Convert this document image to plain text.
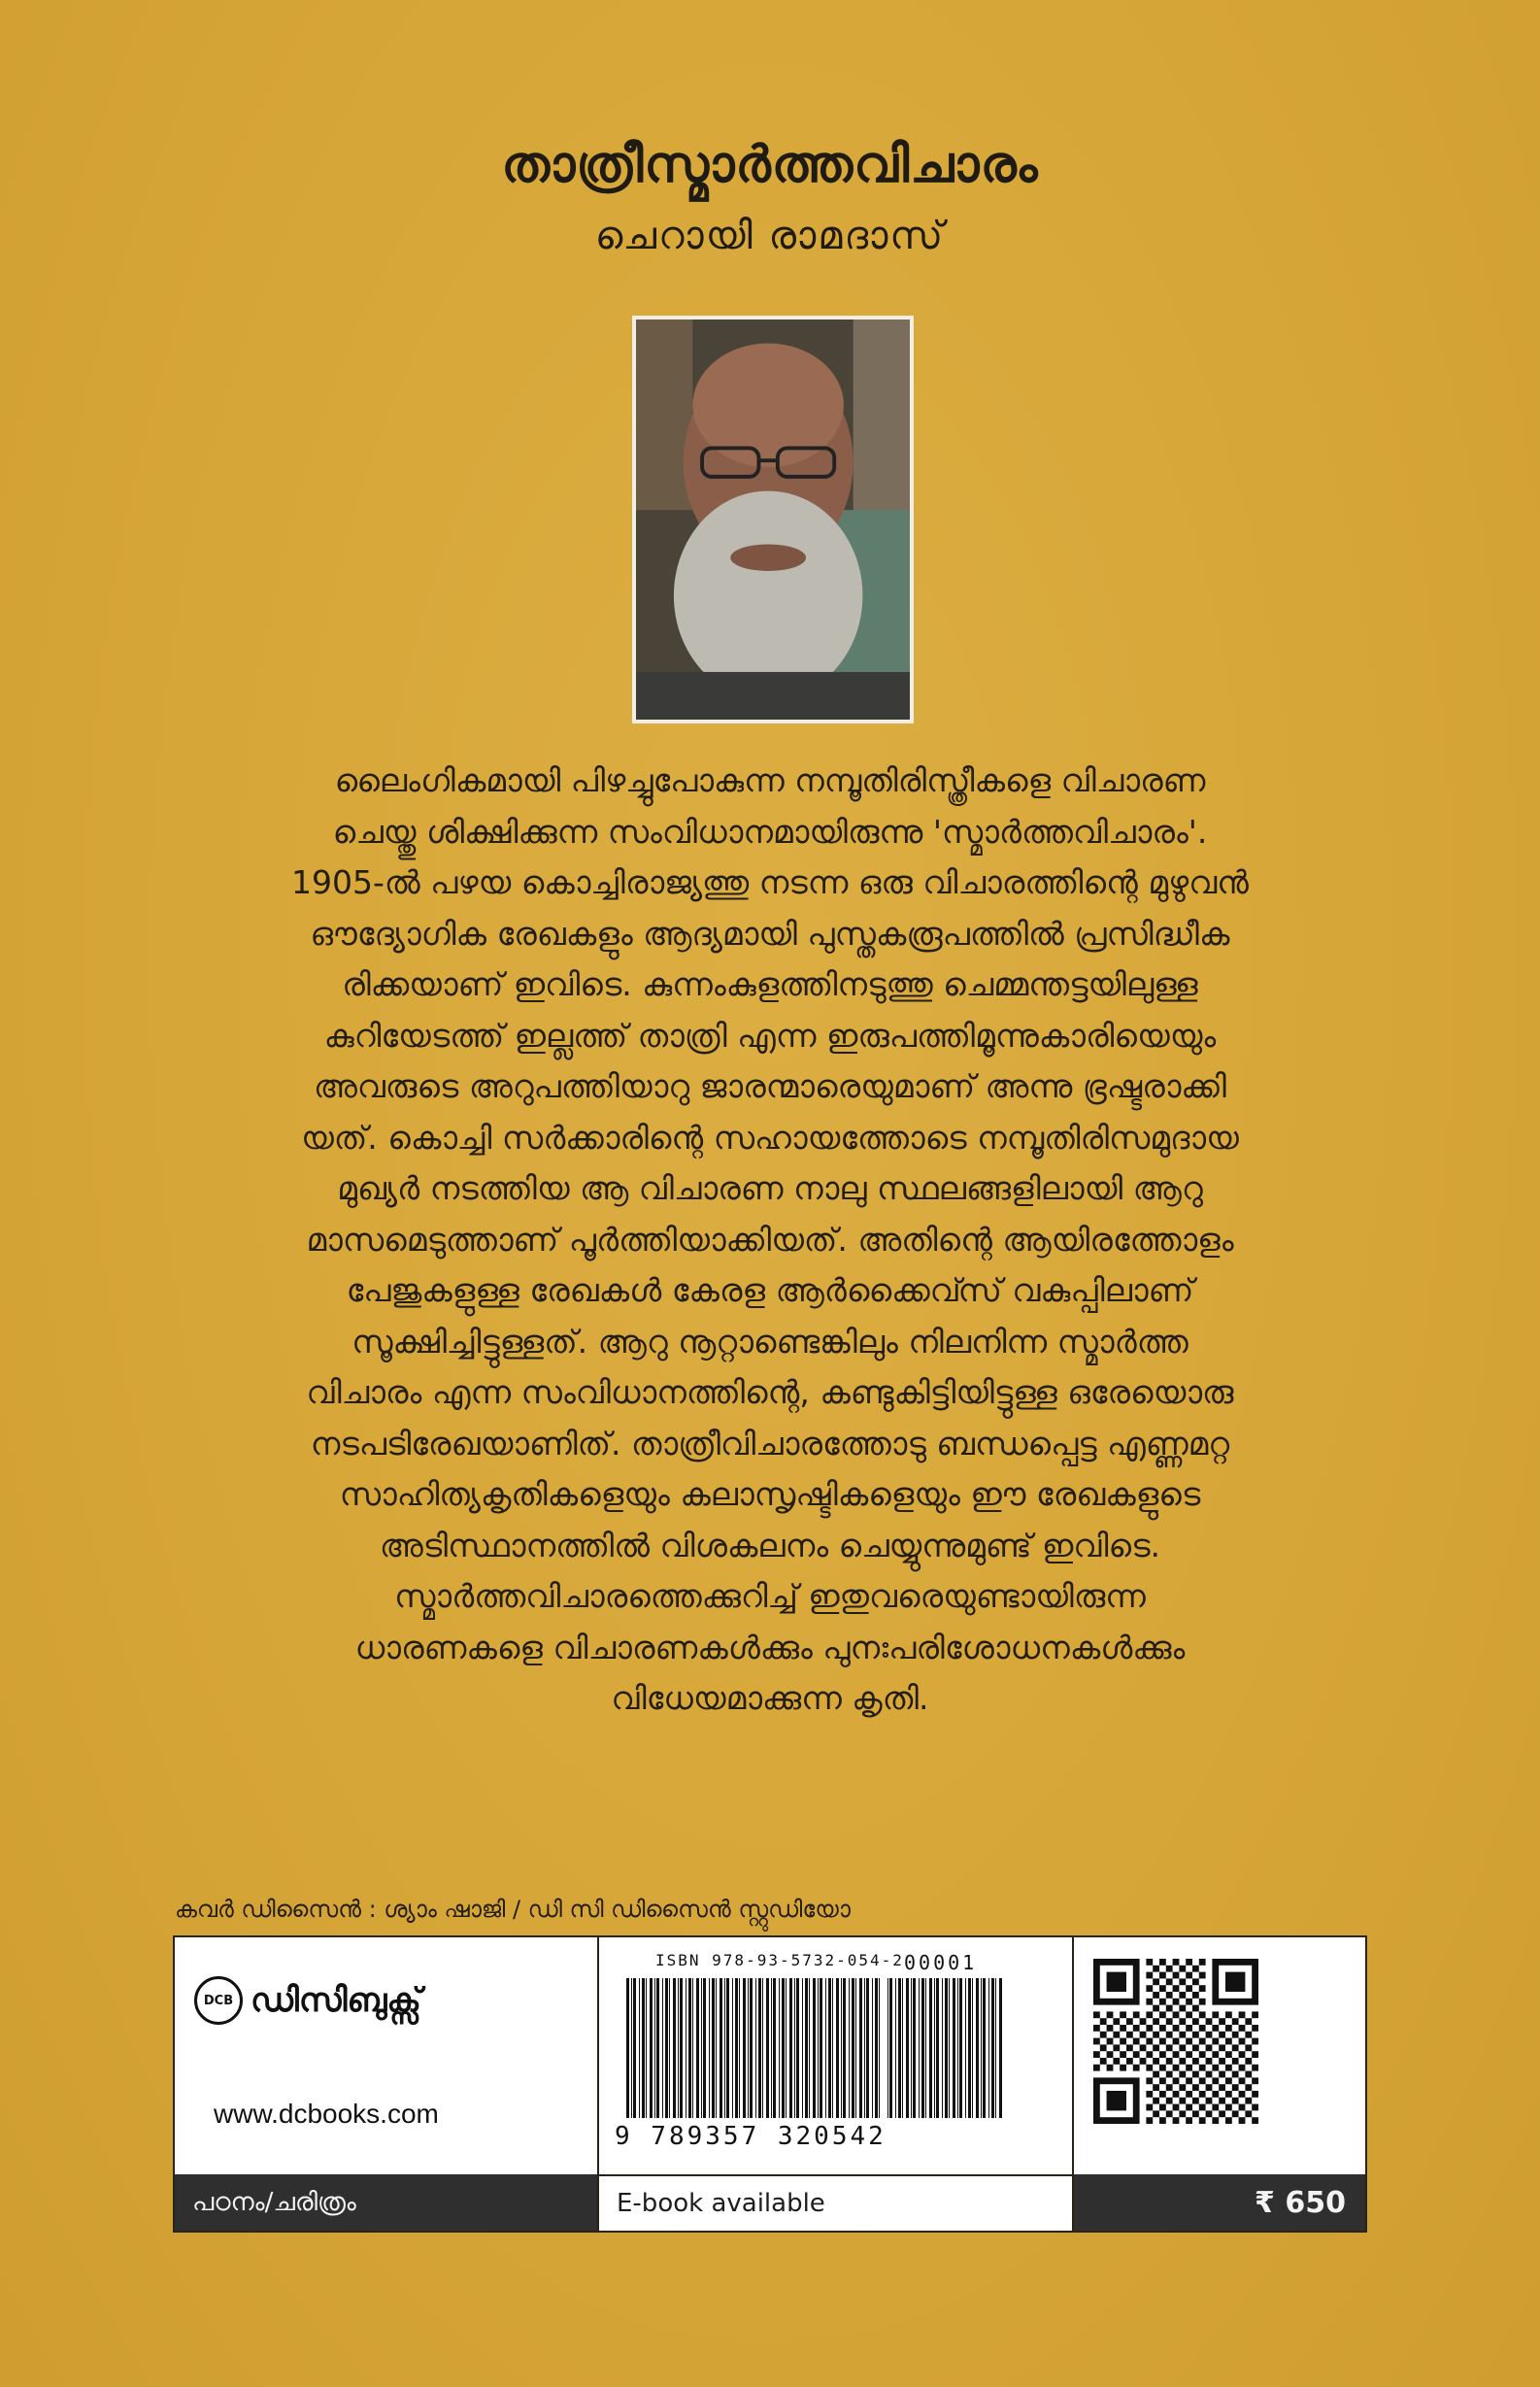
താത്രീസ്മാർത്തവിചാരം
ചെറായി രാമദാസ്

ലൈംഗികമായി പിഴച്ചുപോകുന്ന നമ്പൂതിരിസ്ത്രീകളെ വിചാരണ

ചെയ്തു ശിക്ഷിക്കുന്ന സംവിധാനമായിരുന്നു 'സ്മാർത്തവിചാരം'.

1905-ൽ പഴയ കൊച്ചിരാജ്യത്തു നടന്ന ഒരു വിചാരത്തിന്റെ മുഴുവൻ

ഔദ്യോഗിക രേഖകളും ആദ്യമായി പുസ്തകരൂപത്തിൽ പ്രസിദ്ധീക

രിക്കയാണ് ഇവിടെ. കുന്നംകുളത്തിനടുത്തു ചെമ്മന്തട്ടയിലുള്ള

കുറിയേടത്ത് ഇല്ലത്ത് താത്രി എന്ന ഇരുപത്തിമൂന്നുകാരിയെയും

അവരുടെ അറുപത്തിയാറു ജാരന്മാരെയുമാണ് അന്നു ഭ്രഷ്ടരാക്കി

യത്. കൊച്ചി സർക്കാരിന്റെ സഹായത്തോടെ നമ്പൂതിരിസമുദായ

മുഖ്യർ നടത്തിയ ആ വിചാരണ നാലു സ്ഥലങ്ങളിലായി ആറു

മാസമെടുത്താണ് പൂർത്തിയാക്കിയത്. അതിന്റെ ആയിരത്തോളം

പേജുകളുള്ള രേഖകൾ കേരള ആർക്കൈവ്സ് വകുപ്പിലാണ്

സൂക്ഷിച്ചിട്ടുള്ളത്. ആറു നൂറ്റാണ്ടെങ്കിലും നിലനിന്ന സ്മാർത്ത

വിചാരം എന്ന സംവിധാനത്തിന്റെ, കണ്ടുകിട്ടിയിട്ടുള്ള ഒരേയൊരു

നടപടിരേഖയാണിത്. താത്രീവിചാരത്തോടു ബന്ധപ്പെട്ട എണ്ണമറ്റ

സാഹിത്യകൃതികളെയും കലാസൃഷ്ടികളെയും ഈ രേഖകളുടെ

അടിസ്ഥാനത്തിൽ വിശകലനം ചെയ്യുന്നുമുണ്ട് ഇവിടെ.

സ്മാർത്തവിചാരത്തെക്കുറിച്ച് ഇതുവരെയുണ്ടായിരുന്ന

ധാരണകളെ വിചാരണകൾക്കും പുനഃപരിശോധനകൾക്കും

വിധേയമാക്കുന്ന കൃതി.

കവർ ഡിസൈൻ : ശ്യാം ഷാജി / ഡി സി ഡിസൈൻ സ്റ്റുഡിയോ
DCB ഡിസിബുക്സ്
www.dcbooks.com
പഠനം/ചരിത്രം
ISBN 978-93-5732-054-2 00001
9 789357 320542
E-book available	₹ 650
